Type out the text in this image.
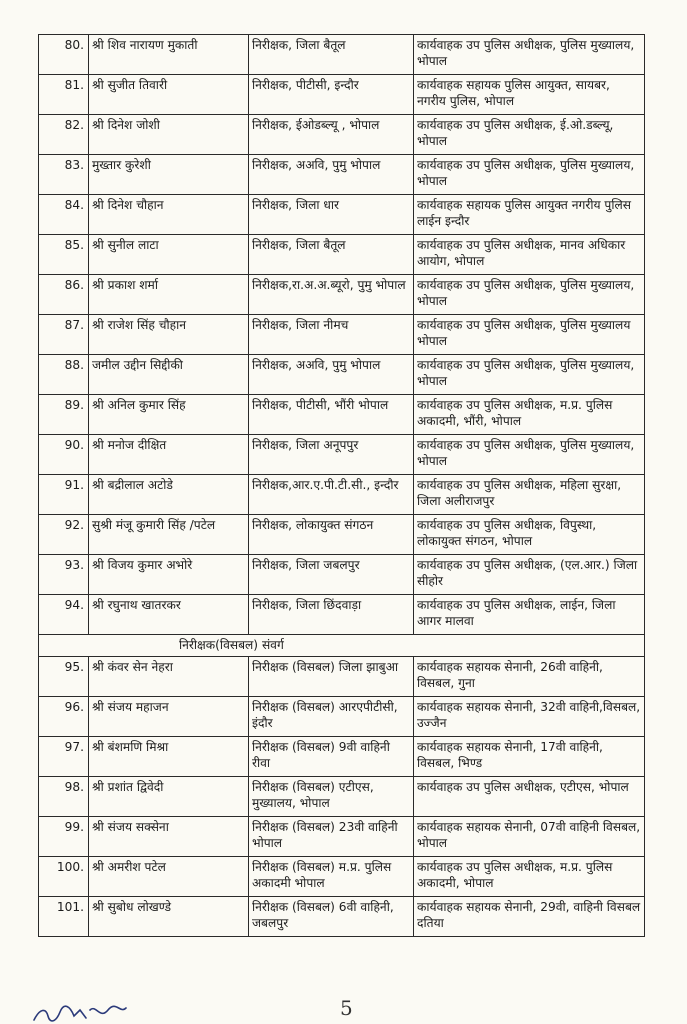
80.	श्री शिव नारायण मुकाती	निरीक्षक, जिला बैतूल	कार्यवाहक उप पुलिस अधीक्षक, पुलिस मुख्यालय, भोपाल
81.	श्री सुजीत तिवारी	निरीक्षक, पीटीसी, इन्दौर	कार्यवाहक सहायक पुलिस आयुक्त, सायबर, नगरीय पुलिस, भोपाल
82.	श्री दिनेश जोशी	निरीक्षक, ईओडब्ल्यू , भोपाल	कार्यवाहक उप पुलिस अधीक्षक, ई.ओ.डब्ल्यू, भोपाल
83.	मुख्तार कुरेशी	निरीक्षक, अअवि, पुमु भोपाल	कार्यवाहक उप पुलिस अधीक्षक, पुलिस मुख्यालय, भोपाल
84.	श्री दिनेश चौहान	निरीक्षक, जिला धार	कार्यवाहक सहायक पुलिस आयुक्त नगरीय पुलिस लाईन इन्दौर
85.	श्री सुनील लाटा	निरीक्षक, जिला बैतूल	कार्यवाहक उप पुलिस अधीक्षक, मानव अधिकार आयोग, भोपाल
86.	श्री प्रकाश शर्मा	निरीक्षक,रा.अ.अ.ब्यूरो, पुमु भोपाल	कार्यवाहक उप पुलिस अधीक्षक, पुलिस मुख्यालय, भोपाल
87.	श्री राजेश सिंह चौहान	निरीक्षक, जिला नीमच	कार्यवाहक उप पुलिस अधीक्षक, पुलिस मुख्यालय भोपाल
88.	जमील उद्दीन सिद्दीकी	निरीक्षक, अअवि, पुमु भोपाल	कार्यवाहक उप पुलिस अधीक्षक, पुलिस मुख्यालय, भोपाल
89.	श्री अनिल कुमार सिंह	निरीक्षक, पीटीसी, भौंरी भोपाल	कार्यवाहक उप पुलिस अधीक्षक, म.प्र. पुलिस अकादमी, भौंरी, भोपाल
90.	श्री मनोज दीक्षित	निरीक्षक, जिला अनूपपुर	कार्यवाहक उप पुलिस अधीक्षक, पुलिस मुख्यालय, भोपाल
91.	श्री बद्रीलाल अटोडे	निरीक्षक,आर.ए.पी.टी.सी., इन्दौर	कार्यवाहक उप पुलिस अधीक्षक, महिला सुरक्षा, जिला अलीराजपुर
92.	सुश्री मंजू कुमारी सिंह /पटेल	निरीक्षक, लोकायुक्त संगठन	कार्यवाहक उप पुलिस अधीक्षक, विपुस्था, लोकायुक्त संगठन, भोपाल
93.	श्री विजय कुमार अभोरे	निरीक्षक, जिला जबलपुर	कार्यवाहक उप पुलिस अधीक्षक, (एल.आर.) जिला सीहोर
94.	श्री रघुनाथ खातरकर	निरीक्षक, जिला छिंदवाड़ा	कार्यवाहक उप पुलिस अधीक्षक, लाईन, जिला आगर मालवा
निरीक्षक(विसबल) संवर्ग			
95.	श्री कंवर सेन नेहरा	निरीक्षक (विसबल) जिला झाबुआ	कार्यवाहक सहायक सेनानी, 26वी वाहिनी, विसबल, गुना
96.	श्री संजय महाजन	निरीक्षक (विसबल) आरएपीटीसी, इंदौर	कार्यवाहक सहायक सेनानी, 32वी वाहिनी,विसबल, उज्जैन
97.	श्री बंशमणि मिश्रा	निरीक्षक (विसबल) 9वी वाहिनी रीवा	कार्यवाहक सहायक सेनानी, 17वी वाहिनी, विसबल, भिण्ड
98.	श्री प्रशांत द्विवेदी	निरीक्षक (विसबल) एटीएस, मुख्यालय, भोपाल	कार्यवाहक उप पुलिस अधीक्षक, एटीएस, भोपाल
99.	श्री संजय सक्सेना	निरीक्षक (विसबल) 23वी वाहिनी भोपाल	कार्यवाहक सहायक सेनानी, 07वी वाहिनी विसबल, भोपाल
100.	श्री अमरीश पटेल	निरीक्षक (विसबल) म.प्र. पुलिस अकादमी भोपाल	कार्यवाहक उप पुलिस अधीक्षक, म.प्र. पुलिस अकादमी, भोपाल
101.	श्री सुबोध लोखण्डे	निरीक्षक (विसबल) 6वी वाहिनी, जबलपुर	कार्यवाहक सहायक सेनानी, 29वी, वाहिनी विसबल दतिया
5
